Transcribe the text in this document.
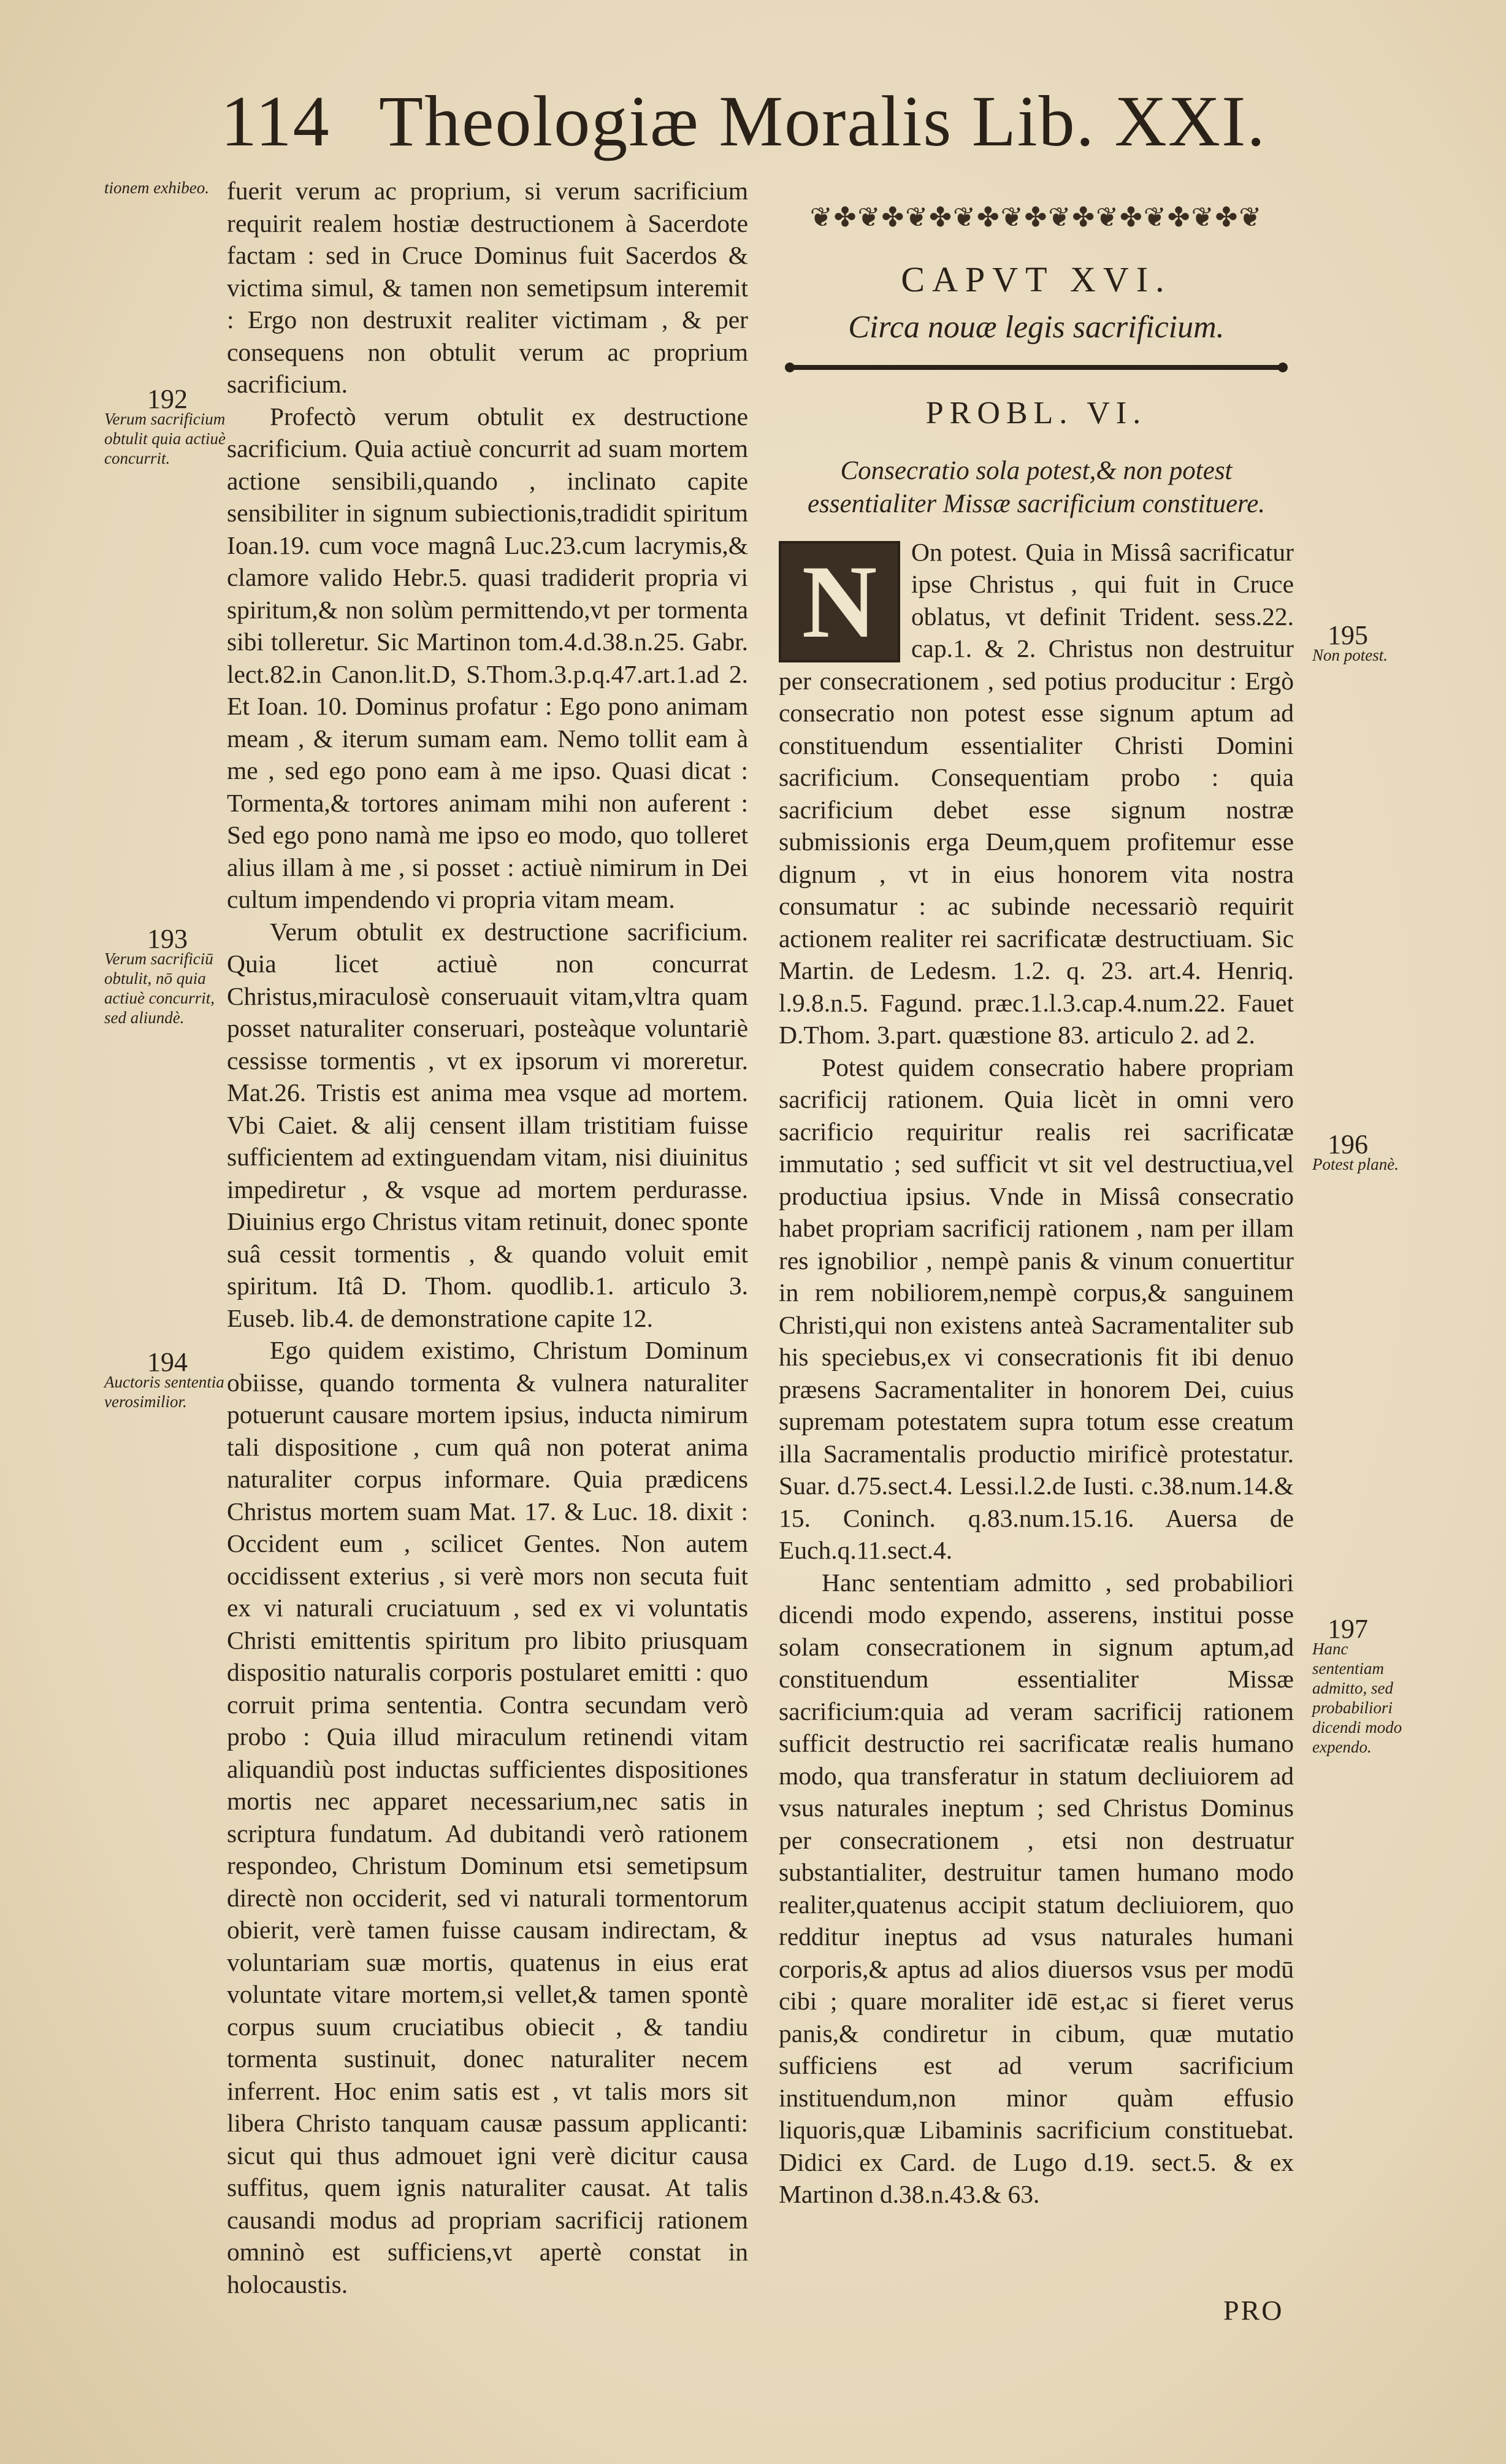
114 Theologiæ Moralis Lib. XXI.
tionem exhibeo.
192
Verum sacrificium obtulit quia actiuè concurrit.
193
Verum sacrificiū obtulit, nō quia actiuè concurrit, sed aliundè.
194
Auctoris sententia verosimilior.

fuerit verum ac proprium, si verum sacrificium requirit realem hostiæ destructionem à Sacerdote factam : sed in Cruce Dominus fuit Sacerdos & victima simul, & tamen non semetipsum interemit : Ergo non destruxit realiter victimam , & per consequens non obtulit verum ac proprium sacrificium.

Profectò verum obtulit ex destructione sacrificium. Quia actiuè concurrit ad suam mortem actione sensibili,quando , inclinato capite sensibiliter in signum subiectionis,tradidit spiritum Ioan.19. cum voce magnâ Luc.23.cum lacrymis,& clamore valido Hebr.5. quasi tradiderit propria vi spiritum,& non solùm permittendo,vt per tormenta sibi tolleretur. Sic Martinon tom.4.d.38.n.25. Gabr. lect.82.in Canon.lit.D, S.Thom.3.p.q.47.art.1.ad 2. Et Ioan. 10. Dominus profatur : Ego pono animam meam , & iterum sumam eam. Nemo tollit eam à me , sed ego pono eam à me ipso. Quasi dicat : Tormenta,& tortores animam mihi non auferent : Sed ego pono namà me ipso eo modo, quo tolleret alius illam à me , si posset : actiuè nimirum in Dei cultum impendendo vi propria vitam meam.

Verum obtulit ex destructione sacrificium. Quia licet actiuè non concurrat Christus,miraculosè conseruauit vitam,vltra quam posset naturaliter conseruari, posteàque voluntariè cessisse tormentis , vt ex ipsorum vi moreretur. Mat.26. Tristis est anima mea vsque ad mortem. Vbi Caiet. & alij censent illam tristitiam fuisse sufficientem ad extinguendam vitam, nisi diuinitus impediretur , & vsque ad mortem perdurasse. Diuinius ergo Christus vitam retinuit, donec sponte suâ cessit tormentis , & quando voluit emit spiritum. Itâ D. Thom. quodlib.1. articulo 3. Euseb. lib.4. de demonstratione capite 12.

Ego quidem existimo, Christum Dominum obiisse, quando tormenta & vulnera naturaliter potuerunt causare mortem ipsius, inducta nimirum tali dispositione , cum quâ non poterat anima naturaliter corpus informare. Quia prædicens Christus mortem suam Mat. 17. & Luc. 18. dixit : Occident eum , scilicet Gentes. Non autem occidissent exterius , si verè mors non secuta fuit ex vi naturali cruciatuum , sed ex vi voluntatis Christi emittentis spiritum pro libito priusquam dispositio naturalis corporis postularet emitti : quo corruit prima sententia. Contra secundam verò probo : Quia illud miraculum retinendi vitam aliquandiù post inductas sufficientes dispositiones mortis nec apparet necessarium,nec satis in scriptura fundatum. Ad dubitandi verò rationem respondeo, Christum Dominum etsi semetipsum directè non occiderit, sed vi naturali tormentorum obierit, verè tamen fuisse causam indirectam, & voluntariam suæ mortis, quatenus in eius erat voluntate vitare mortem,si vellet,& tamen spontè corpus suum cruciatibus obiecit , & tandiu tormenta sustinuit, donec naturaliter necem inferrent. Hoc enim satis est , vt talis mors sit libera Christo tanquam causæ passum applicanti: sicut qui thus admouet igni verè dicitur causa suffitus, quem ignis naturaliter causat. At talis causandi modus ad propriam sacrificij rationem omninò est sufficiens,vt apertè constat in holocaustis.

❦✤❦✤❦✤❦✤❦✤❦✤❦✤❦✤❦✤❦
CAPVT XVI.
Circa nouæ legis sacrificium.
PROBL. VI.
Consecratio sola potest,& non potest essentialiter Missæ sacrificium constituere.
N	On potest. Quia in Missâ sacrificatur ipse Christus , qui fuit in Cruce oblatus, vt definit Trident. sess.22. cap.1. & 2. Christus non destruitur per consecrationem , sed potius producitur : Ergò consecratio non potest esse signum aptum ad constituendum essentialiter Christi Domini sacrificium. Consequentiam probo : quia sacrificium debet esse signum nostræ submissionis erga Deum,quem profitemur esse dignum , vt in eius honorem vita nostra consumatur : ac subinde necessariò requirit actionem realiter rei sacrificatæ destructiuam. Sic Martin. de Ledesm. 1.2. q. 23. art.4. Henriq. l.9.8.n.5. Fagund. præc.1.l.3.cap.4.num.22. Fauet D.Thom. 3.part. quæstione 83. articulo 2. ad 2.

Potest quidem consecratio habere propriam sacrificij rationem. Quia licèt in omni vero sacrificio requiritur realis rei sacrificatæ immutatio ; sed sufficit vt sit vel destructiua,vel productiua ipsius. Vnde in Missâ consecratio habet propriam sacrificij rationem , nam per illam res ignobilior , nempè panis & vinum conuertitur in rem nobiliorem,nempè corpus,& sanguinem Christi,qui non existens anteà Sacramentaliter sub his speciebus,ex vi consecrationis fit ibi denuo præsens Sacramentaliter in honorem Dei, cuius supremam potestatem supra totum esse creatum illa Sacramentalis productio mirificè protestatur. Suar. d.75.sect.4. Lessi.l.2.de Iusti. c.38.num.14.& 15. Coninch. q.83.num.15.16. Auersa de Euch.q.11.sect.4.

Hanc sententiam admitto , sed probabiliori dicendi modo expendo, asserens, institui posse solam consecrationem in signum aptum,ad constituendum essentialiter Missæ sacrificium:quia ad veram sacrificij rationem sufficit destructio rei sacrificatæ realis humano modo, qua transferatur in statum decliuiorem ad vsus naturales ineptum ; sed Christus Dominus per consecrationem , etsi non destruatur substantialiter, destruitur tamen humano modo realiter,quatenus accipit statum decliuiorem, quo redditur ineptus ad vsus naturales humani corporis,& aptus ad alios diuersos vsus per modū cibi ; quare moraliter idē est,ac si fieret verus panis,& condiretur in cibum, quæ mutatio sufficiens est ad verum sacrificium instituendum,non minor quàm effusio liquoris,quæ Libaminis sacrificium constituebat. Didici ex Card. de Lugo d.19. sect.5. & ex Martinon d.38.n.43.& 63.

195
Non potest.
196
Potest planè.
197
Hanc sententiam admitto, sed probabiliori dicendi modo expendo.
PRO
